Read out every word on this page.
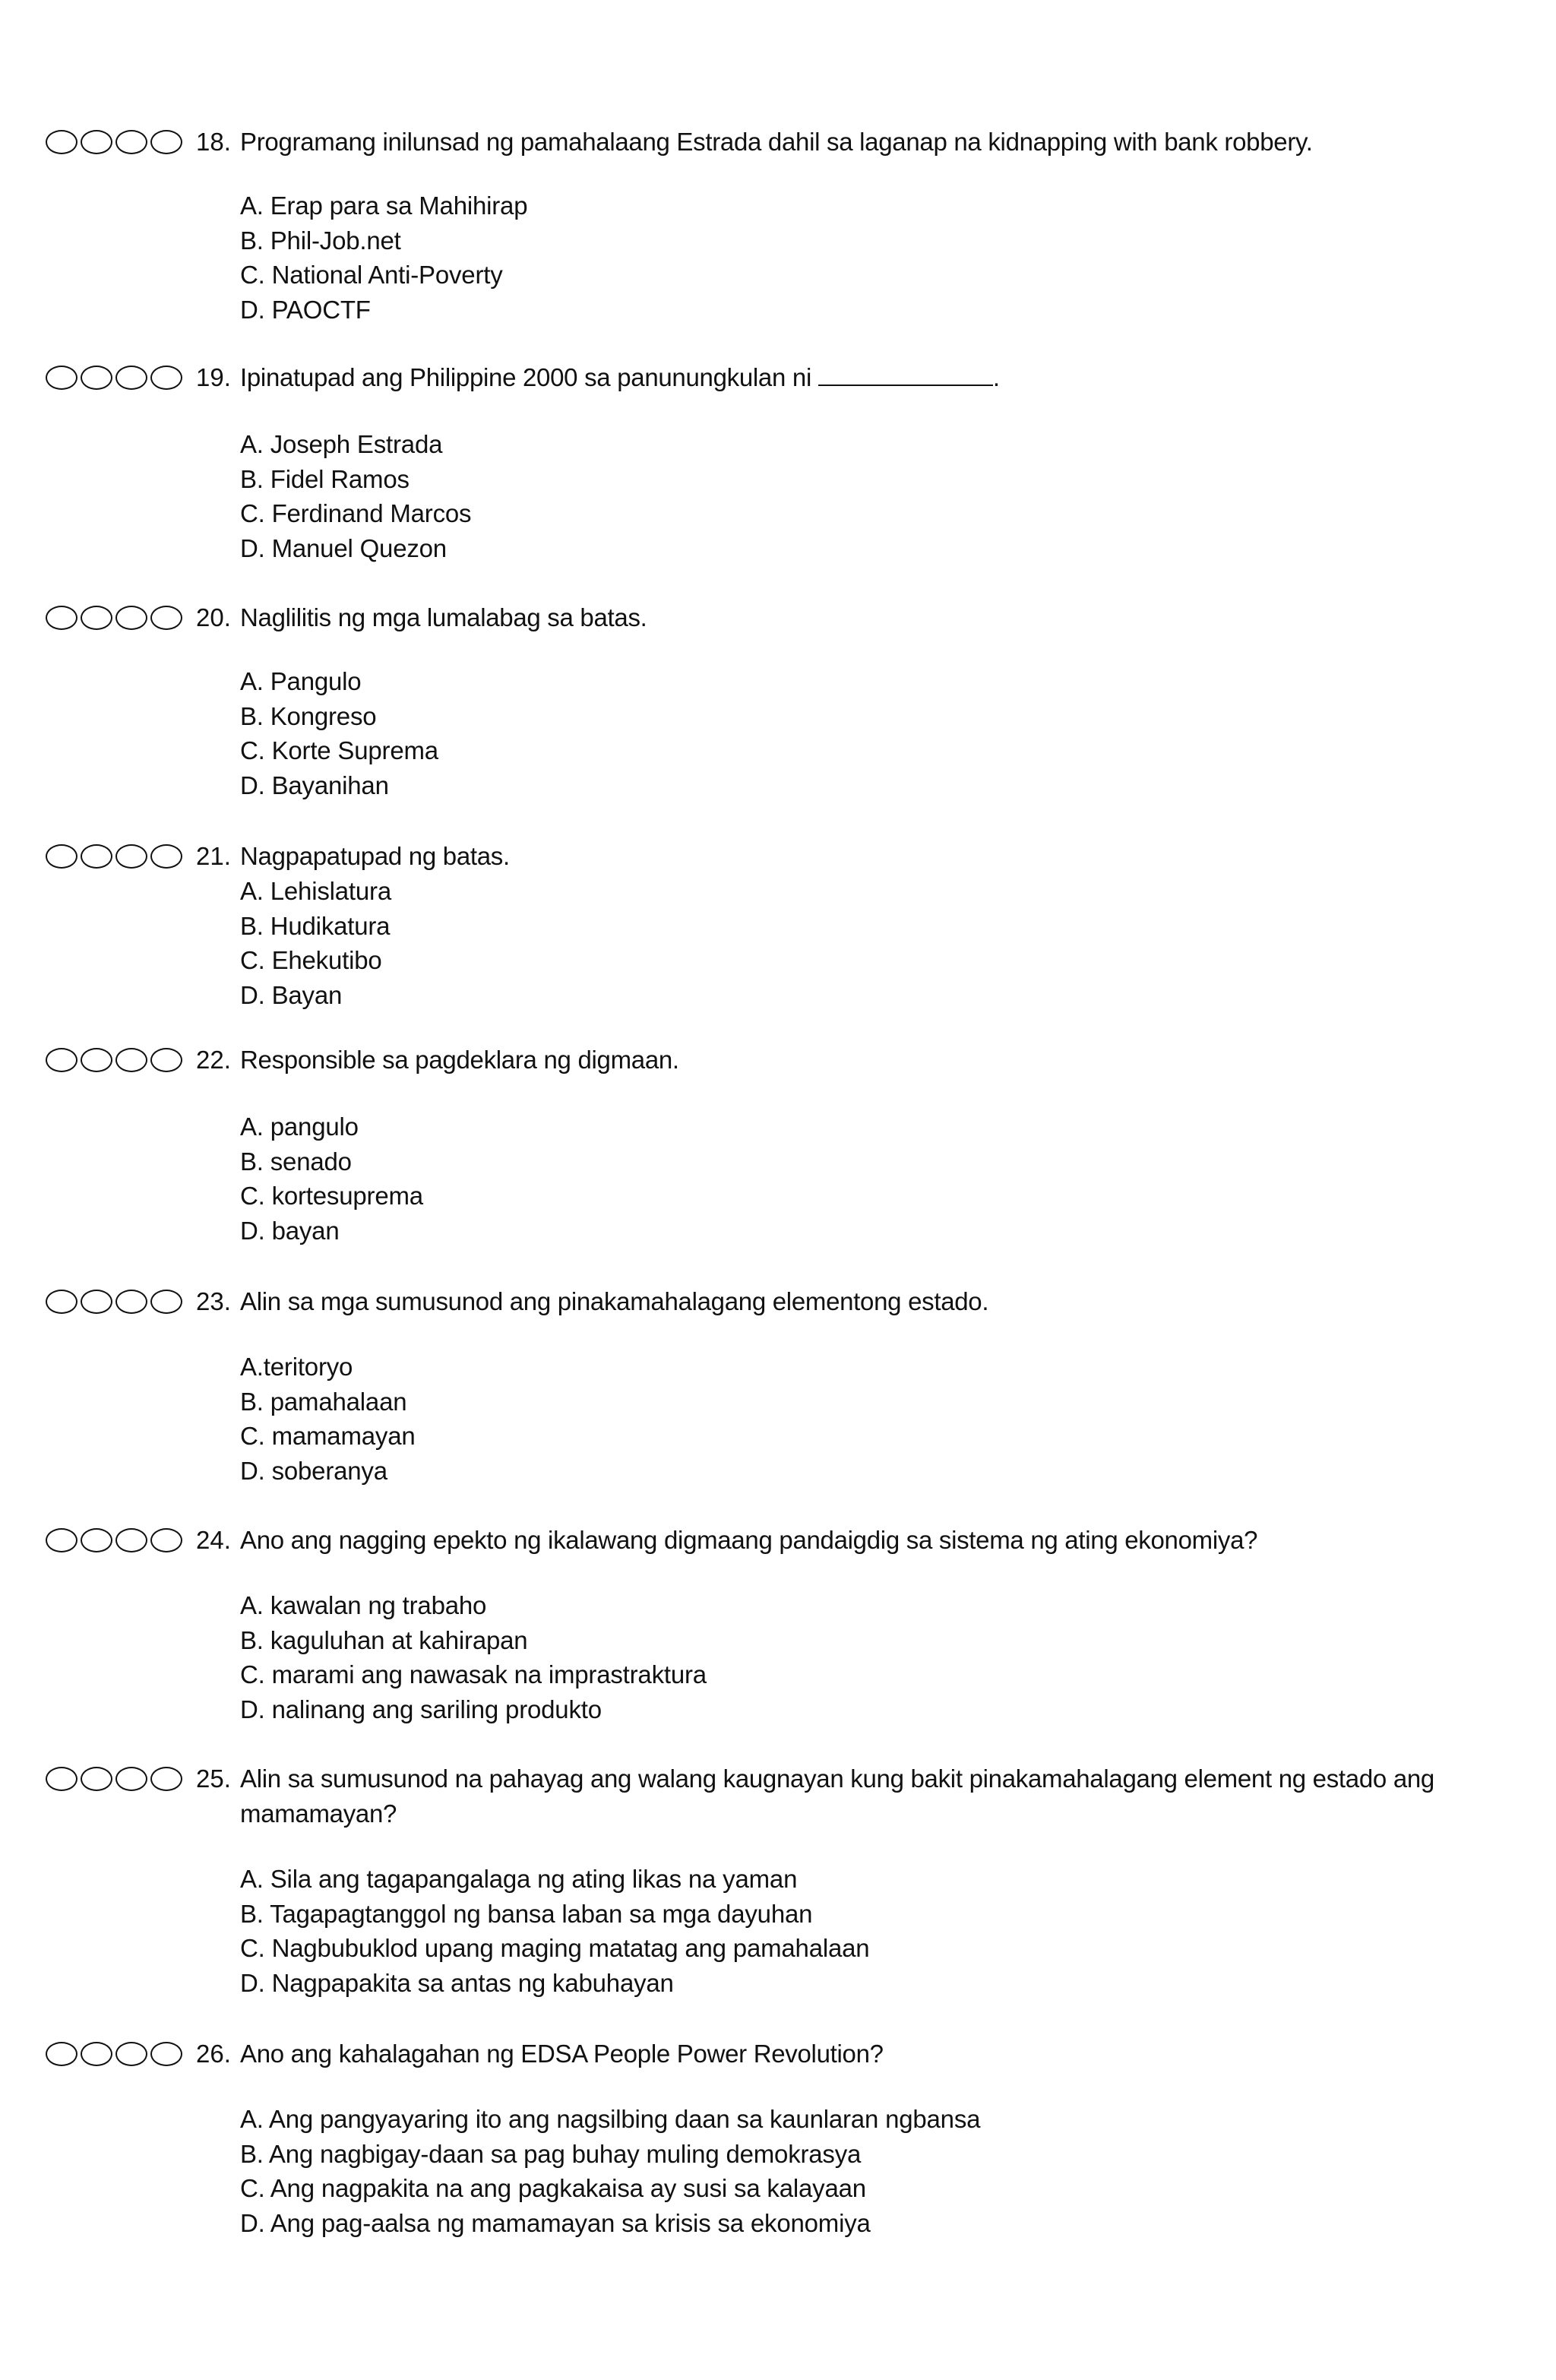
18. Programang inilunsad ng pamahalaang Estrada dahil sa laganap na kidnapping with bank robbery.
A. Erap para sa Mahihirap
B. Phil-Job.net
C. National Anti-Poverty
D. PAOCTF
19. Ipinatupad ang Philippine 2000 sa panunungkulan ni	.
A. Joseph Estrada
B. Fidel Ramos
C. Ferdinand Marcos
D. Manuel Quezon
20. Naglilitis ng mga lumalabag sa batas.
A. Pangulo
B. Kongreso
C. Korte Suprema
D. Bayanihan
21. Nagpapatupad ng batas.
A. Lehislatura
B. Hudikatura
C. Ehekutibo
D. Bayan
22. Responsible sa pagdeklara ng digmaan.
A. pangulo
B. senado
C. kortesuprema
D. bayan
23. Alin sa mga sumusunod ang pinakamahalagang elementong estado.
A.teritoryo
B. pamahalaan
C. mamamayan
D. soberanya
24. Ano ang nagging epekto ng ikalawang digmaang pandaigdig sa sistema ng ating ekonomiya?
A. kawalan ng trabaho
B. kaguluhan at kahirapan
C. marami ang nawasak na imprastraktura
D. nalinang ang sariling produkto
25. Alin sa sumusunod na pahayag ang walang kaugnayan kung bakit pinakamahalagang element ng estado ang mamamayan?
A. Sila ang tagapangalaga ng ating likas na yaman
B. Tagapagtanggol ng bansa laban sa mga dayuhan
C. Nagbubuklod upang maging matatag ang pamahalaan
D. Nagpapakita sa antas ng kabuhayan
26. Ano ang kahalagahan ng EDSA People Power Revolution?
A. Ang pangyayaring ito ang nagsilbing daan sa kaunlaran ngbansa
B. Ang nagbigay-daan sa pag buhay muling demokrasya
C. Ang nagpakita na ang pagkakaisa ay susi sa kalayaan
D. Ang pag-aalsa ng mamamayan sa krisis sa ekonomiya
